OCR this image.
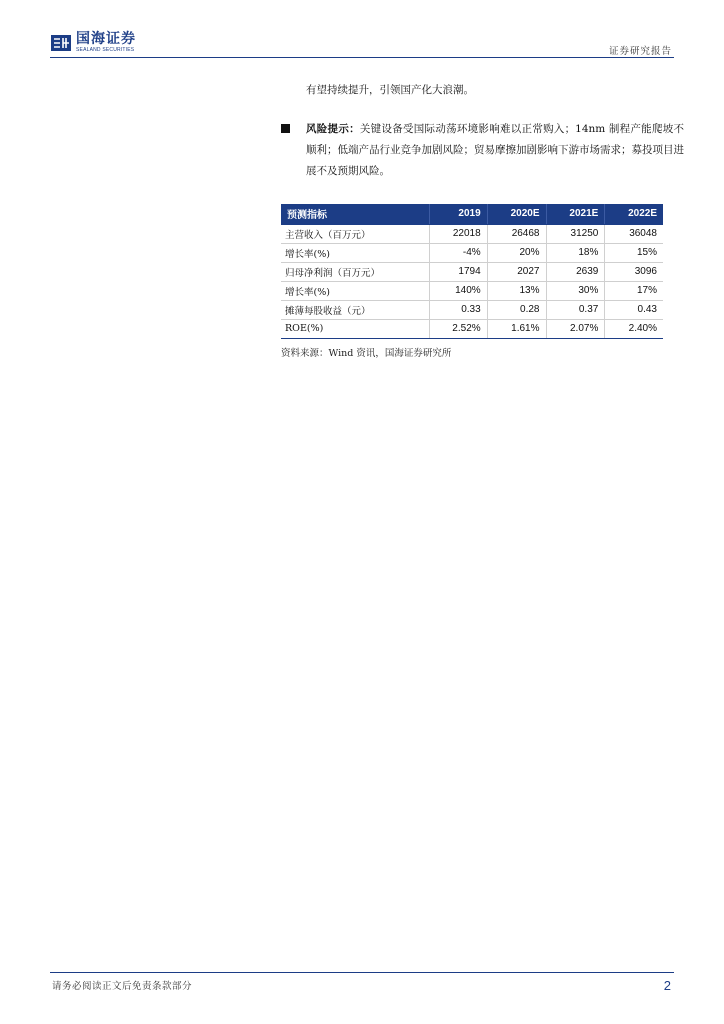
国海证券
SEALAND SECURITIES	证券研究报告
有望持续提升，引领国产化大浪潮。
风险提示：关键设备受国际动荡环境影响难以正常购入；14nm 制程产能爬坡不顺利；低端产品行业竞争加剧风险；贸易摩擦加剧影响下游市场需求；募投项目进展不及预期风险。
预测指标	2019	2020E	2021E	2022E
主营收入（百万元）	22018	26468	31250	36048
增长率(%)	-4%	20%	18%	15%
归母净利润（百万元）	1794	2027	2639	3096
增长率(%)	140%	13%	30%	17%
摊薄每股收益（元）	0.33	0.28	0.37	0.43
ROE(%)	2.52%	1.61%	2.07%	2.40%
资料来源：Wind 资讯，国海证券研究所
请务必阅读正文后免责条款部分	2
